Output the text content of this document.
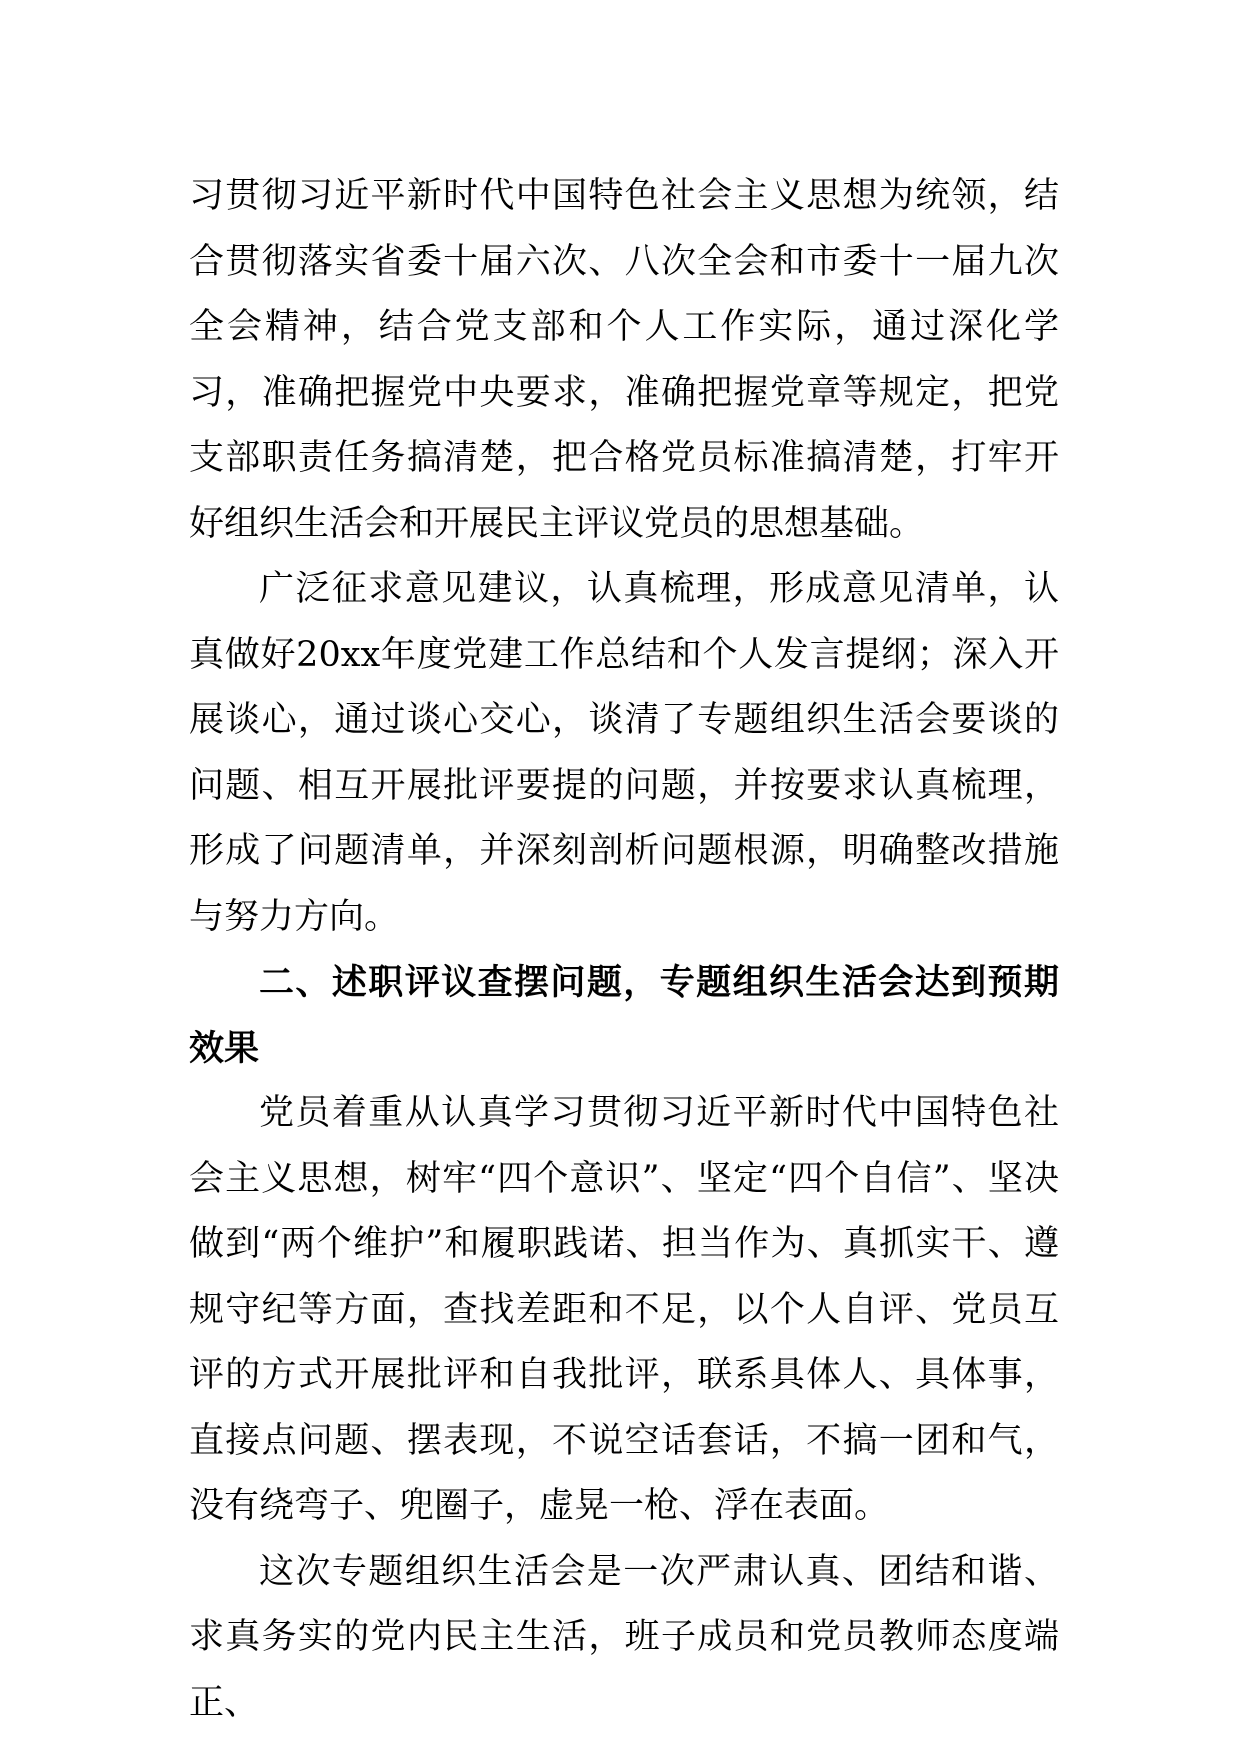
习贯彻习近平新时代中国特色社会主义思想为统领，结合贯彻落实省委十届六次、八次全会和市委十一届九次全会精神，结合党支部和个人工作实际，通过深化学习，准确把握党中央要求，准确把握党章等规定，把党支部职责任务搞清楚，把合格党员标准搞清楚，打牢开好组织生活会和开展民主评议党员的思想基础。

广泛征求意见建议，认真梳理，形成意见清单，认真做好20xx年度党建工作总结和个人发言提纲；深入开展谈心，通过谈心交心，谈清了专题组织生活会要谈的问题、相互开展批评要提的问题，并按要求认真梳理，形成了问题清单，并深刻剖析问题根源，明确整改措施与努力方向。

二、述职评议查摆问题，专题组织生活会达到预期效果

党员着重从认真学习贯彻习近平新时代中国特色社会主义思想，树牢“四个意识”、坚定“四个自信”、坚决做到“两个维护”和履职践诺、担当作为、真抓实干、遵规守纪等方面，查找差距和不足，以个人自评、党员互评的方式开展批评和自我批评，联系具体人、具体事，直接点问题、摆表现，不说空话套话，不搞一团和气，没有绕弯子、兜圈子，虚晃一枪、浮在表面。

这次专题组织生活会是一次严肃认真、团结和谐、求真务实的党内民主生活，班子成员和党员教师态度端正、
